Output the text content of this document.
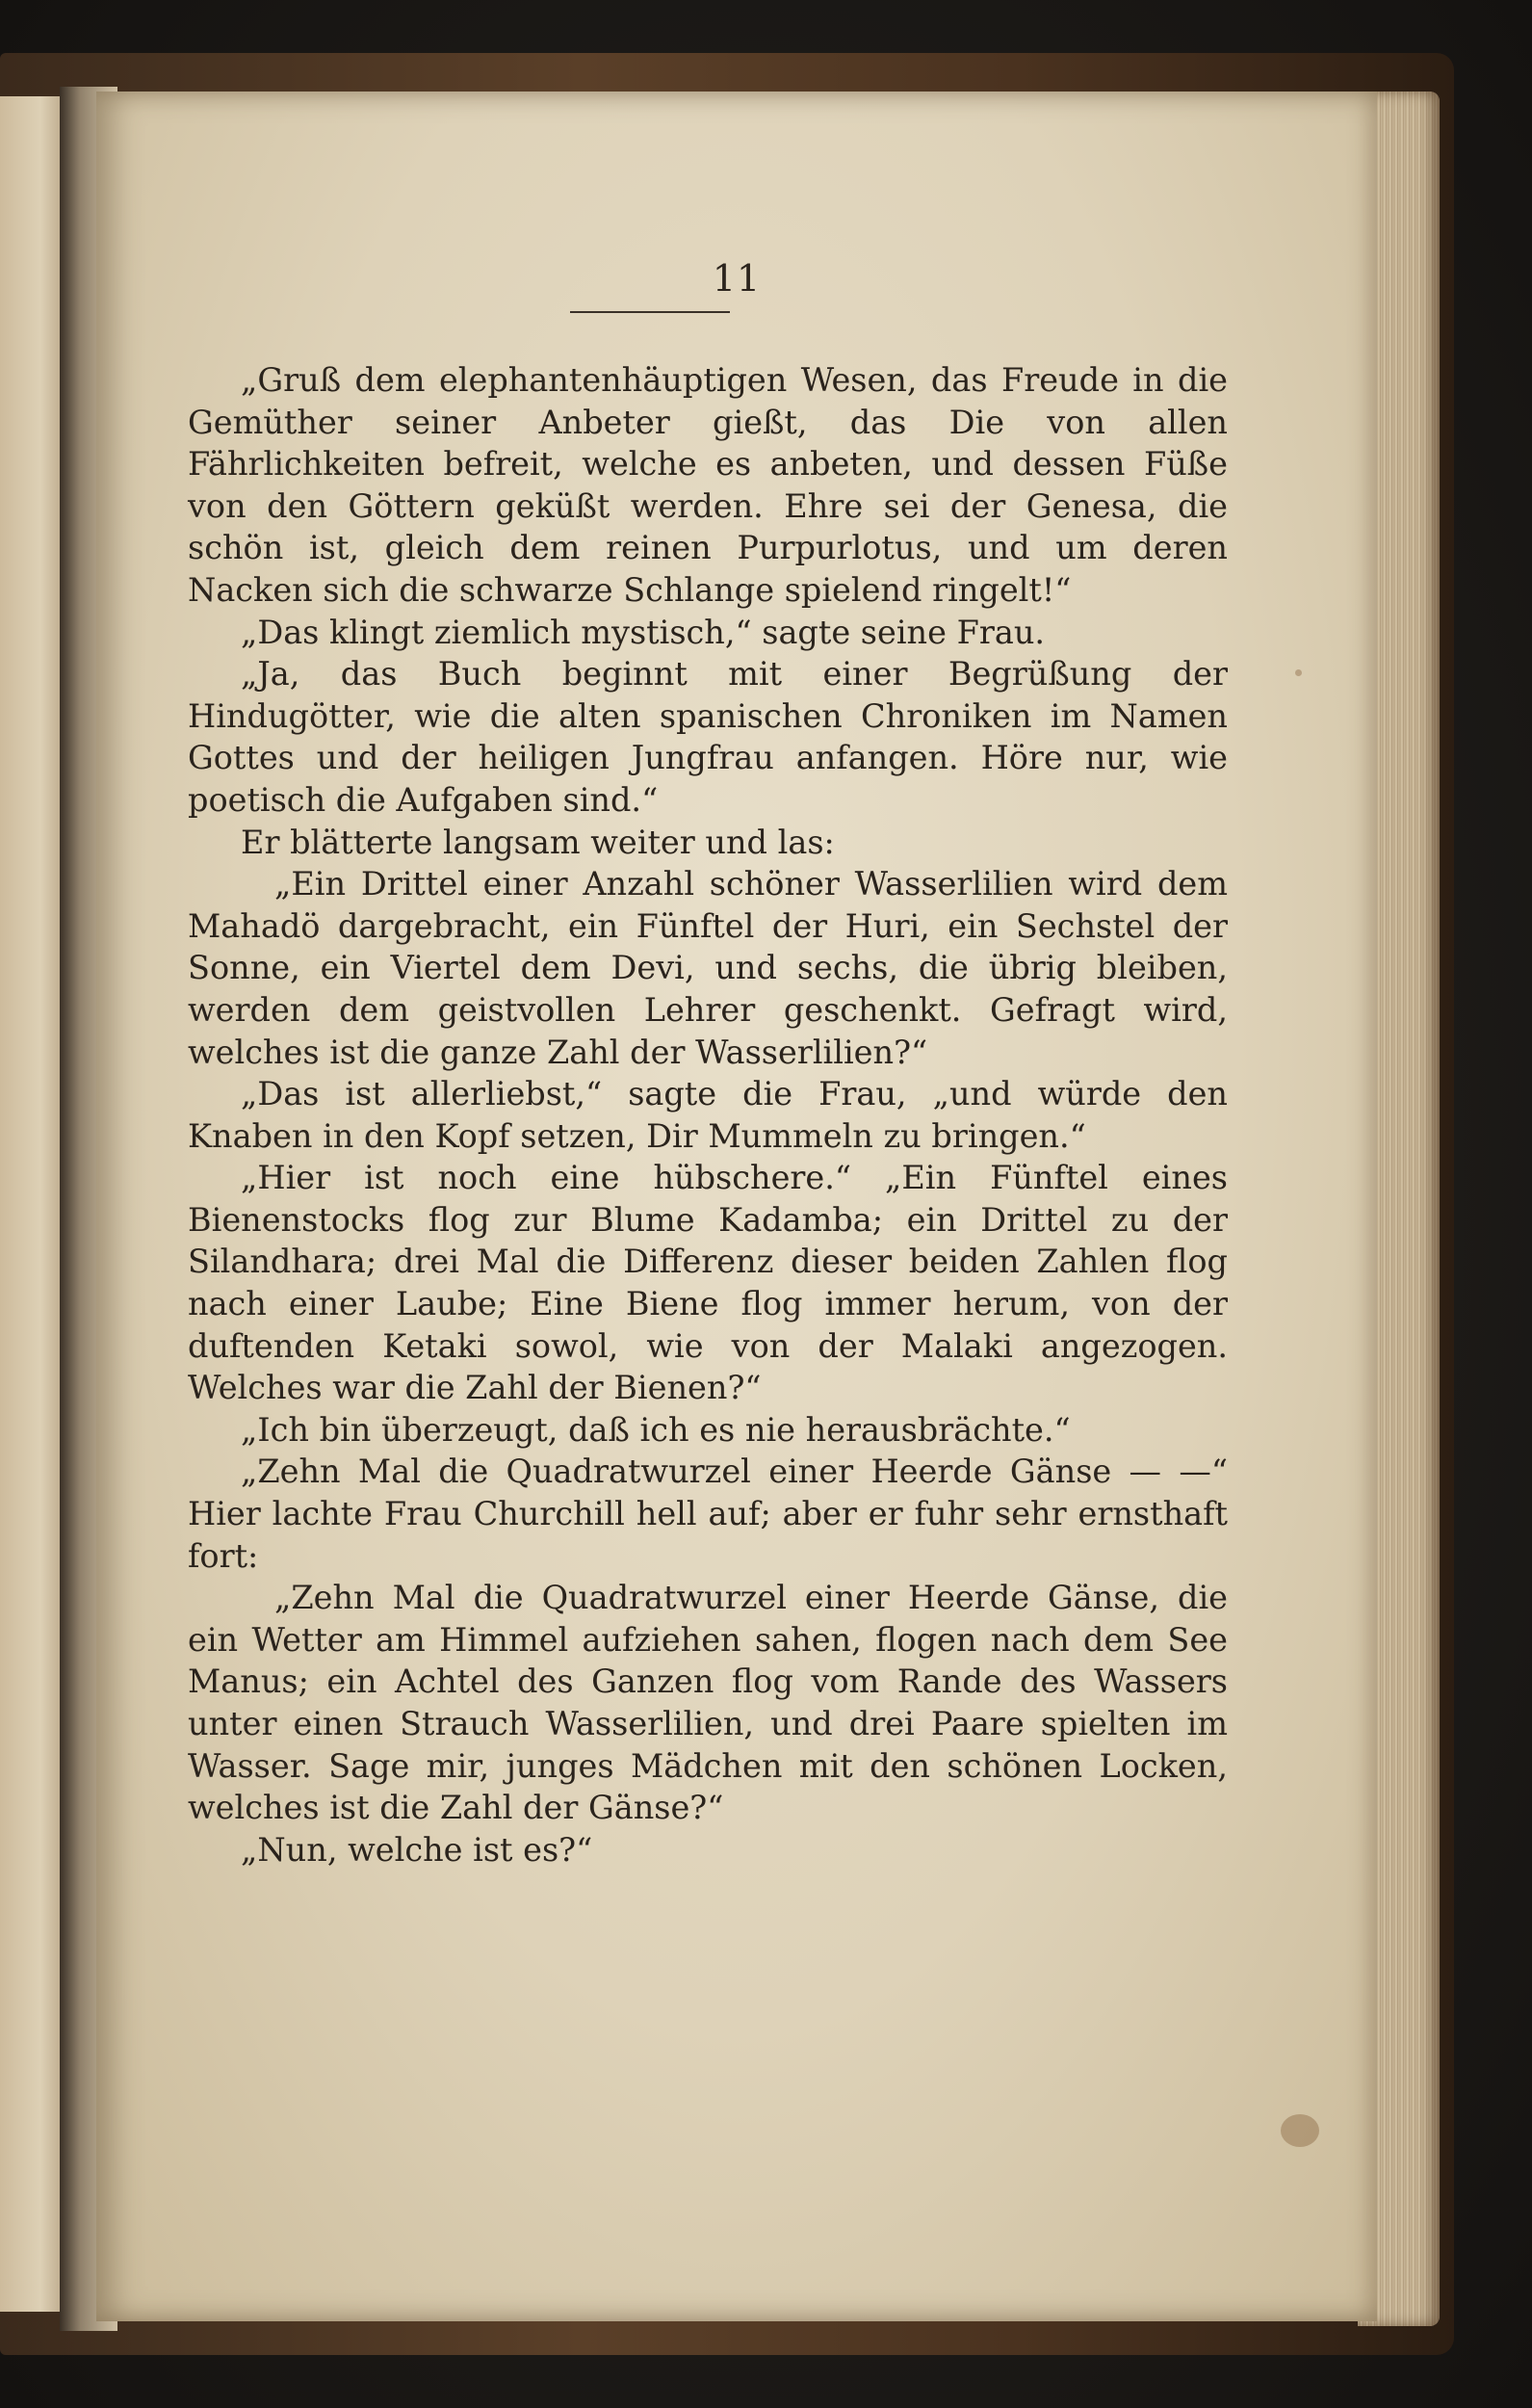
11

„Gruß dem elephantenhäuptigen Wesen, das Freude in die Gemüther seiner Anbeter gießt, das Die von allen Fährlichkeiten befreit, welche es anbeten, und dessen Füße von den Göttern geküßt werden. Ehre sei der Genesa, die schön ist, gleich dem reinen Purpurlotus, und um deren Nacken sich die schwarze Schlange spielend ringelt!“

„Das klingt ziemlich mystisch,“ sagte seine Frau.

„Ja, das Buch beginnt mit einer Begrüßung der Hindugötter, wie die alten spanischen Chroniken im Namen Gottes und der heiligen Jungfrau anfangen. Höre nur, wie poetisch die Aufgaben sind.“

Er blätterte langsam weiter und las:

„Ein Drittel einer Anzahl schöner Wasserlilien wird dem Mahadö dargebracht, ein Fünftel der Huri, ein Sechstel der Sonne, ein Viertel dem Devi, und sechs, die übrig bleiben, werden dem geistvollen Lehrer geschenkt. Gefragt wird, welches ist die ganze Zahl der Wasserlilien?“

„Das ist allerliebst,“ sagte die Frau, „und würde den Knaben in den Kopf setzen, Dir Mummeln zu bringen.“

„Hier ist noch eine hübschere.“ „Ein Fünftel eines Bienenstocks flog zur Blume Kadamba; ein Drittel zu der Silandhara; drei Mal die Differenz dieser beiden Zahlen flog nach einer Laube; Eine Biene flog immer herum, von der duftenden Ketaki sowol, wie von der Malaki angezogen. Welches war die Zahl der Bienen?“

„Ich bin überzeugt, daß ich es nie herausbrächte.“

„Zehn Mal die Quadratwurzel einer Heerde Gänse — —“ Hier lachte Frau Churchill hell auf; aber er fuhr sehr ernsthaft fort:

„Zehn Mal die Quadratwurzel einer Heerde Gänse, die ein Wetter am Himmel aufziehen sahen, flogen nach dem See Manus; ein Achtel des Ganzen flog vom Rande des Wassers unter einen Strauch Wasserlilien, und drei Paare spielten im Wasser. Sage mir, junges Mädchen mit den schönen Locken, welches ist die Zahl der Gänse?“

„Nun, welche ist es?“
